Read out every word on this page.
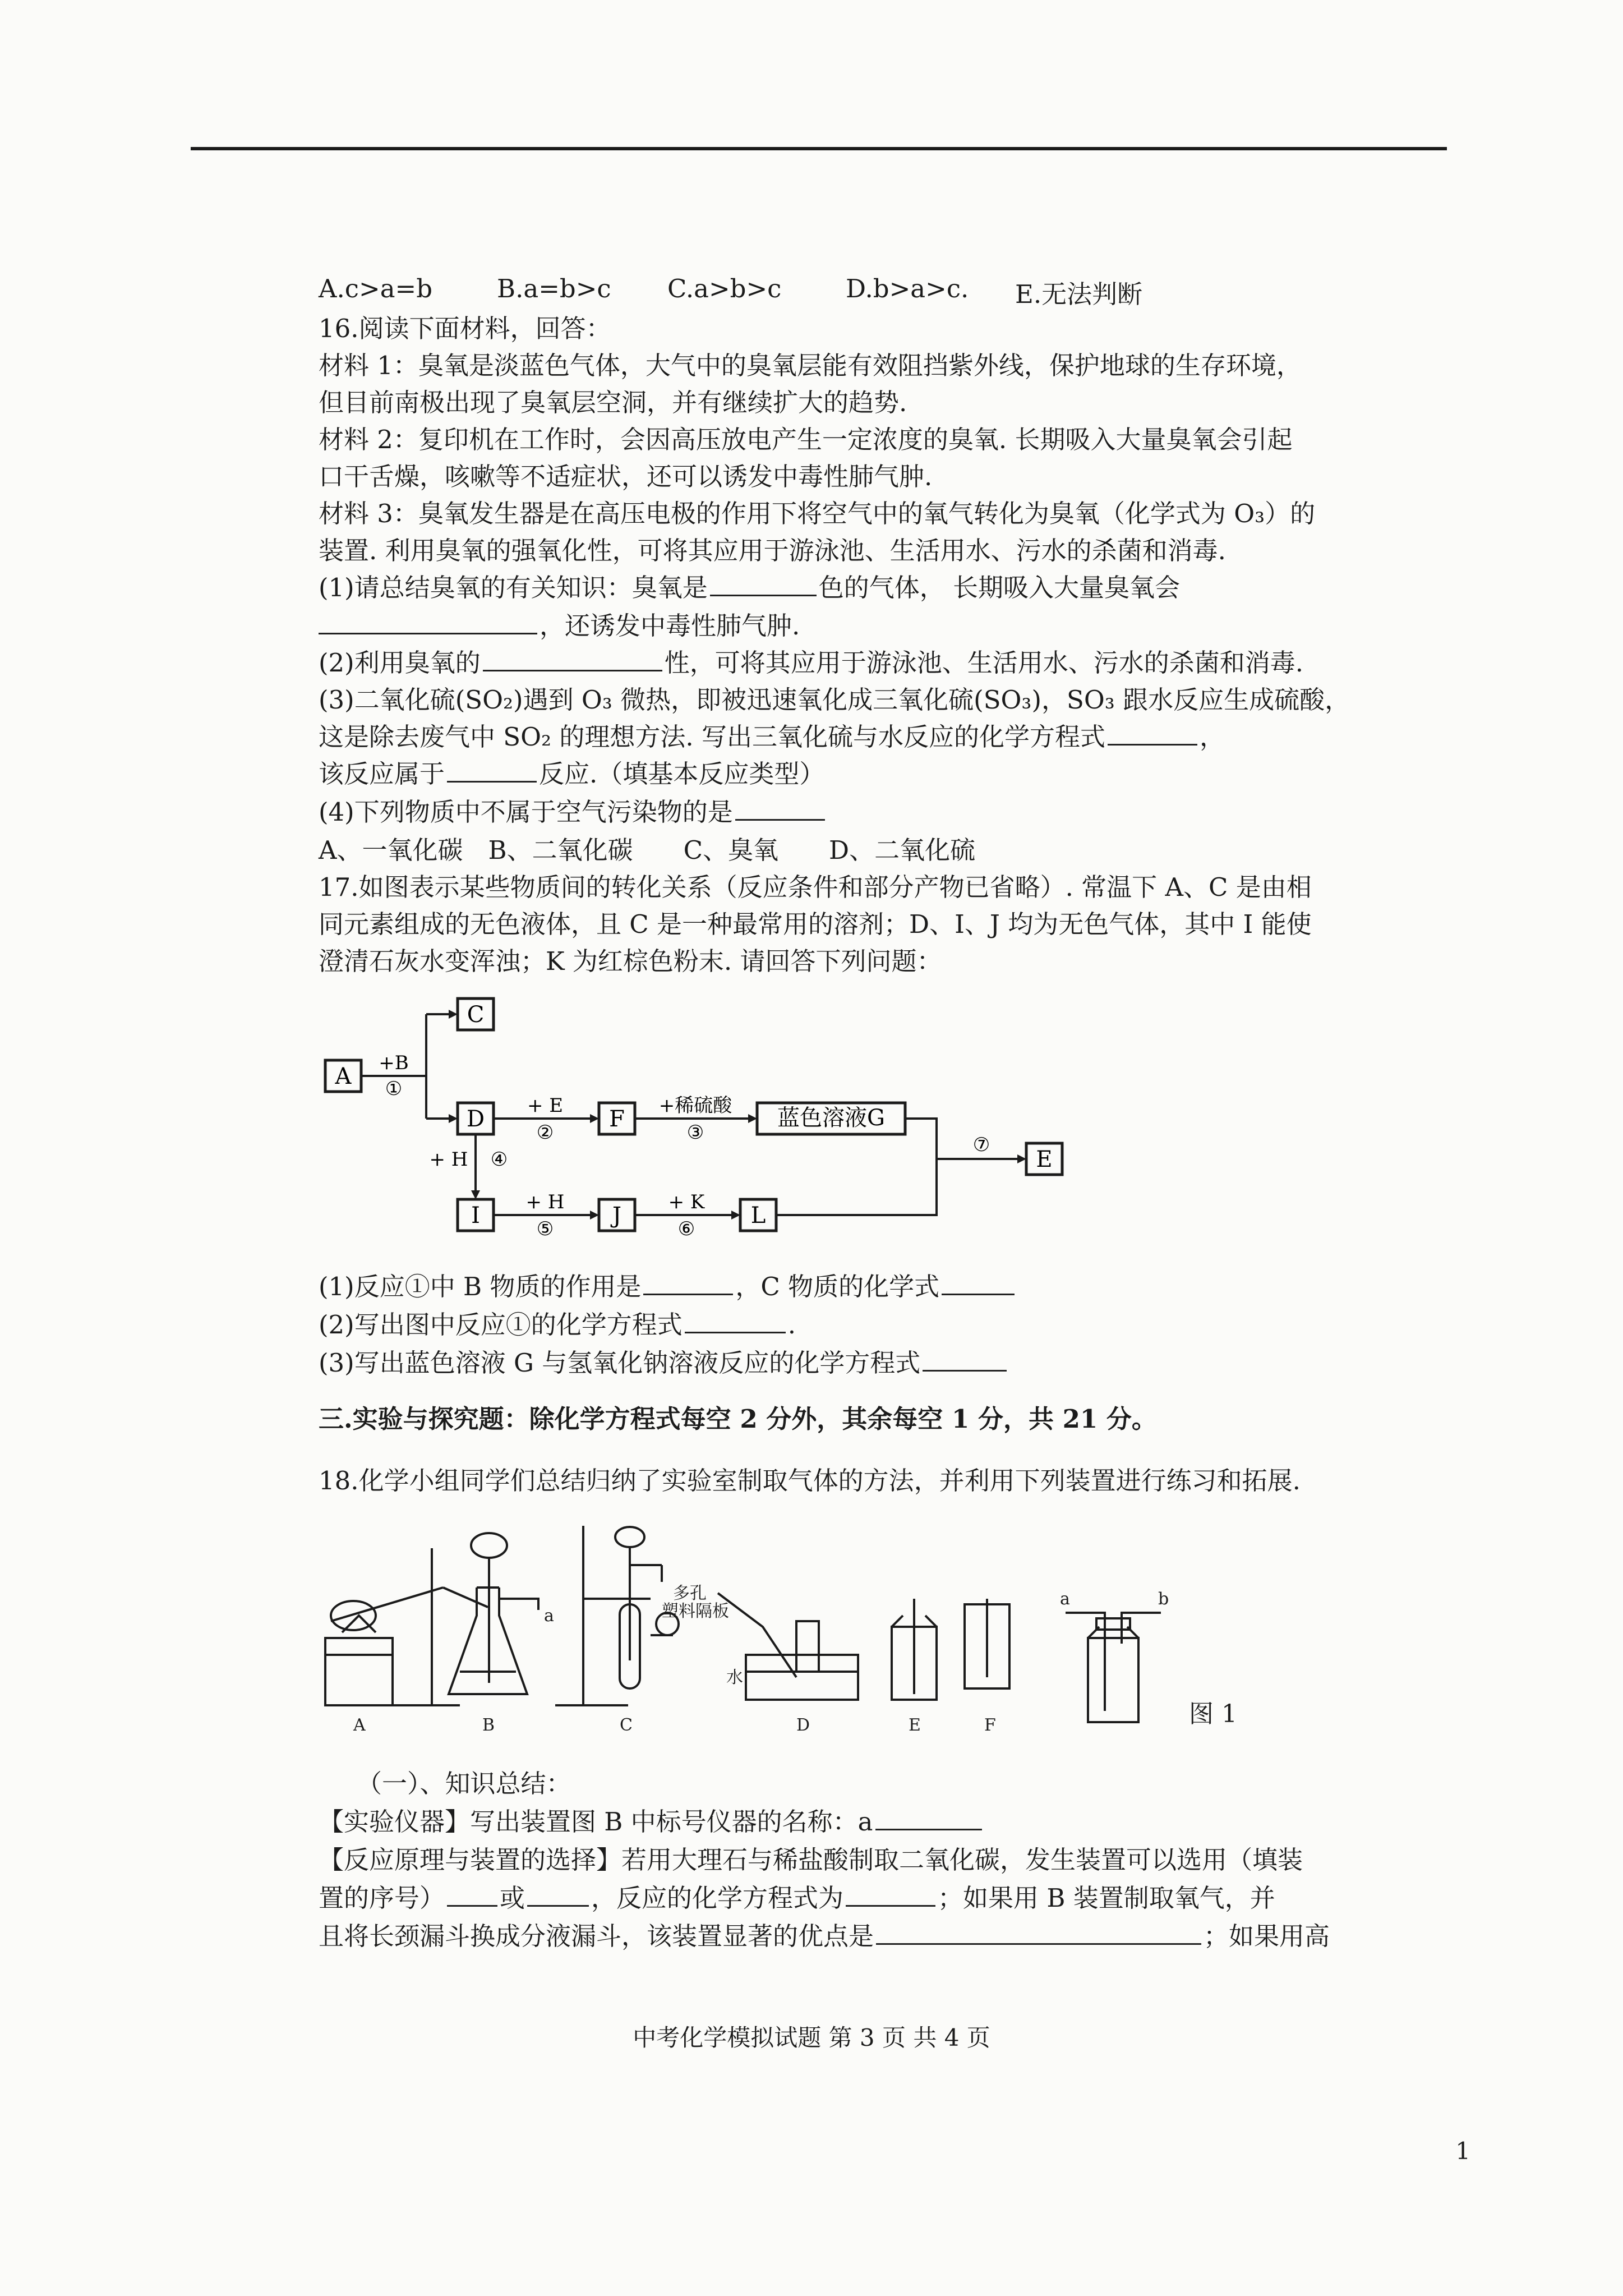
A.c>a=b	B.a=b>c C.a>b>c	D.b>a>c. E.无法判断
16.阅读下面材料，回答：
材料 1：臭氧是淡蓝色气体，大气中的臭氧层能有效阻挡紫外线，保护地球的生存环境，
但目前南极出现了臭氧层空洞，并有继续扩大的趋势.
材料 2：复印机在工作时，会因高压放电产生一定浓度的臭氧. 长期吸入大量臭氧会引起
口干舌燥，咳嗽等不适症状，还可以诱发中毒性肺气肿.
材料 3：臭氧发生器是在高压电极的作用下将空气中的氧气转化为臭氧（化学式为 O₃）的
装置. 利用臭氧的强氧化性，可将其应用于游泳池、生活用水、污水的杀菌和消毒.
(1)请总结臭氧的有关知识：臭氧是	色的气体， 长期吸入大量臭氧会
，还诱发中毒性肺气肿.
(2)利用臭氧的	性，可将其应用于游泳池、生活用水、污水的杀菌和消毒.
(3)二氧化硫(SO₂)遇到 O₃ 微热，即被迅速氧化成三氧化硫(SO₃)，SO₃ 跟水反应生成硫酸，
这是除去废气中 SO₂ 的理想方法. 写出三氧化硫与水反应的化学方程式	，
该反应属于	反应.（填基本反应类型）
(4)下列物质中不属于空气污染物的是
A、一氧化碳　B、二氧化碳　　C、臭氧　　D、二氧化硫
17.如图表示某些物质间的转化关系（反应条件和部分产物已省略）. 常温下 A、C 是由相
同元素组成的无色液体，且 C 是一种最常用的溶剂；D、I、J 均为无色气体，其中 I 能使
澄清石灰水变浑浊；K 为红棕色粉末. 请回答下列问题：
A
C
D	F	蓝色溶液G
E
I	J	L
+B
①
+ E
②
+稀硫酸
③
+ H ④
+ H
⑤
+ K
⑥
⑦
(1)反应①中 B 物质的作用是	，C 物质的化学式
(2)写出图中反应①的化学方程式	.
(3)写出蓝色溶液 G 与氢氧化钠溶液反应的化学方程式
三.实验与探究题：除化学方程式每空 2 分外，其余每空 1 分，共 21 分。
18.化学小组同学们总结归纳了实验室制取气体的方法，并利用下列装置进行练习和拓展.
A	B	C	D	E	F
a
a	b
多孔
塑料隔板
水
图 1
（一）、知识总结：
【实验仪器】写出装置图 B 中标号仪器的名称：a
【反应原理与装置的选择】若用大理石与稀盐酸制取二氧化碳，发生装置可以选用（填装
置的序号） 或	，反应的化学方程式为	；如果用 B 装置制取氧气，并
且将长颈漏斗换成分液漏斗，该装置显著的优点是	；如果用高
中考化学模拟试题 第 3 页 共 4 页
1
